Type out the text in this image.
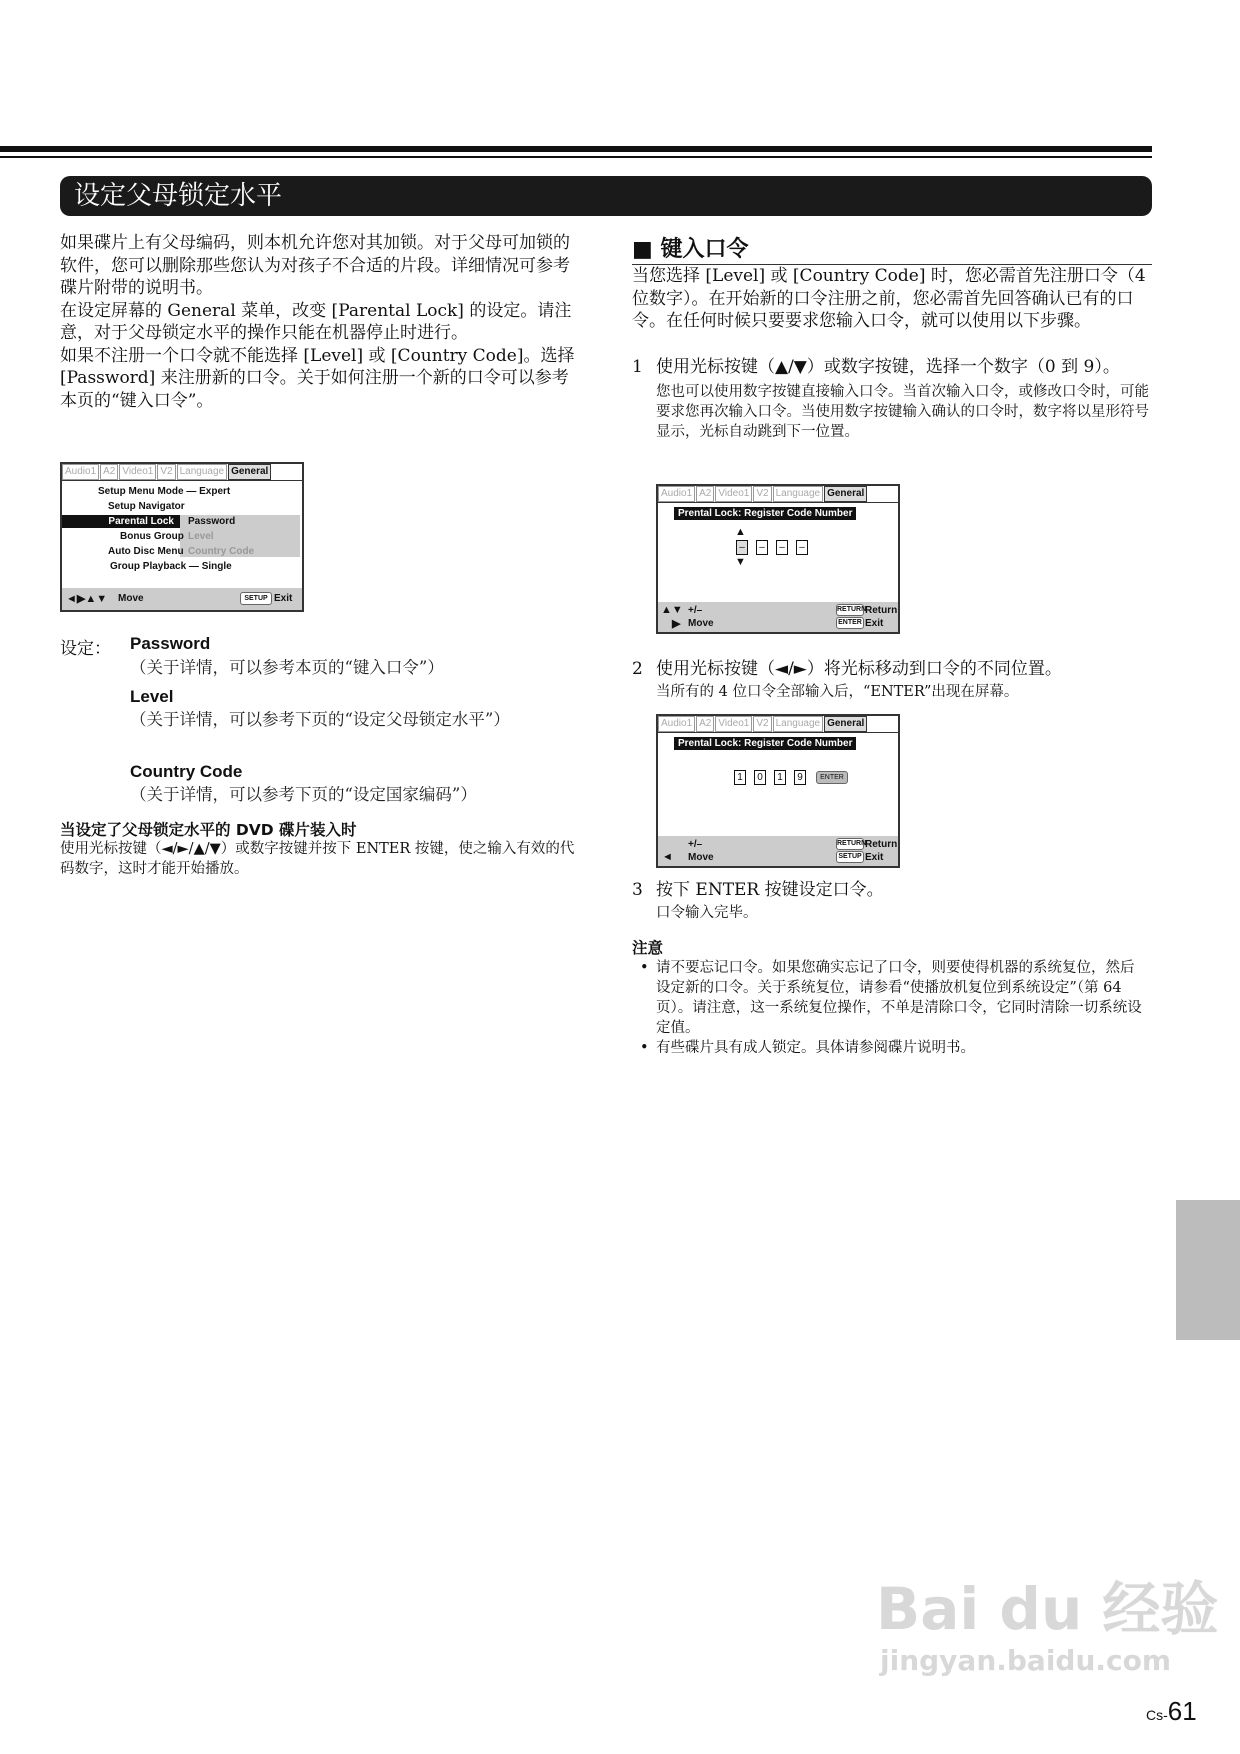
设定父母锁定水平

如果碟片上有父母编码，则本机允许您对其加锁。对于父母可加锁的软件，您可以删除那些您认为对孩子不合适的片段。详细情况可参考碟片附带的说明书。

在设定屏幕的 General 菜单，改变 [Parental Lock] 的设定。请注意，对于父母锁定水平的操作只能在机器停止时进行。

如果不注册一个口令就不能选择 [Level] 或 [Country Code]。选择 [Password] 来注册新的口令。关于如何注册一个新的口令可以参考本页的“键入口令”。

Audio1 A2 Video1 V2 Language General
Setup Menu Mode — Expert
Setup Navigator
Parental Lock	Password
Level
Country Code
Bonus Group
Auto Disc Menu
Group Playback — Single
◄▶▲▼ Move	SETUP Exit
设定： Password
（关于详情，可以参考本页的“键入口令”）
Level
（关于详情，可以参考下页的“设定父母锁定水平”）
Country Code
（关于详情，可以参考下页的“设定国家编码”）
当设定了父母锁定水平的 DVD 碟片装入时
使用光标按键（◄/►/▲/▼）或数字按键并按下 ENTER 按键，使之输入有效的代码数字，这时才能开始播放。
■ 键入口令
当您选择 [Level] 或 [Country Code] 时，您必需首先注册口令（4 位数字）。在开始新的口令注册之前，您必需首先回答确认已有的口令。在任何时候只要要求您输入口令，就可以使用以下步骤。
1 使用光标按键（▲/▼）或数字按键，选择一个数字（0 到 9）。
您也可以使用数字按键直接输入口令。当首次输入口令，或修改口令时，可能要求您再次输入口令。当使用数字按键输入确认的口令时，数字将以星形符号显示，光标自动跳到下一位置。
Audio1 A2 Video1 V2 Language General
Prental Lock: Register Code Number
▲
–	–	–	–
▼
▲▼ +/–
▶ Move
RETURN
Return
ENTER Exit
2 使用光标按键（◄/►）将光标移动到口令的不同位置。
当所有的 4 位口令全部输入后，“ENTER”出现在屏幕。
Audio1 A2 Video1 V2 Language General
Prental Lock: Register Code Number
1	0	1	9	ENTER
+/–
◄ Move
RETURN
Return
SETUP Exit
3 按下 ENTER 按键设定口令。
口令输入完毕。
注意
• 请不要忘记口令。如果您确实忘记了口令，则要使得机器的系统复位，然后设定新的口令。关于系统复位，请参看“使播放机复位到系统设定”（第 64 页）。请注意，这一系统复位操作，不单是清除口令，它同时清除一切系统设定值。
• 有些碟片具有成人锁定。具体请参阅碟片说明书。
Bai du 经验
jingyan.baidu.com
Cs-61
